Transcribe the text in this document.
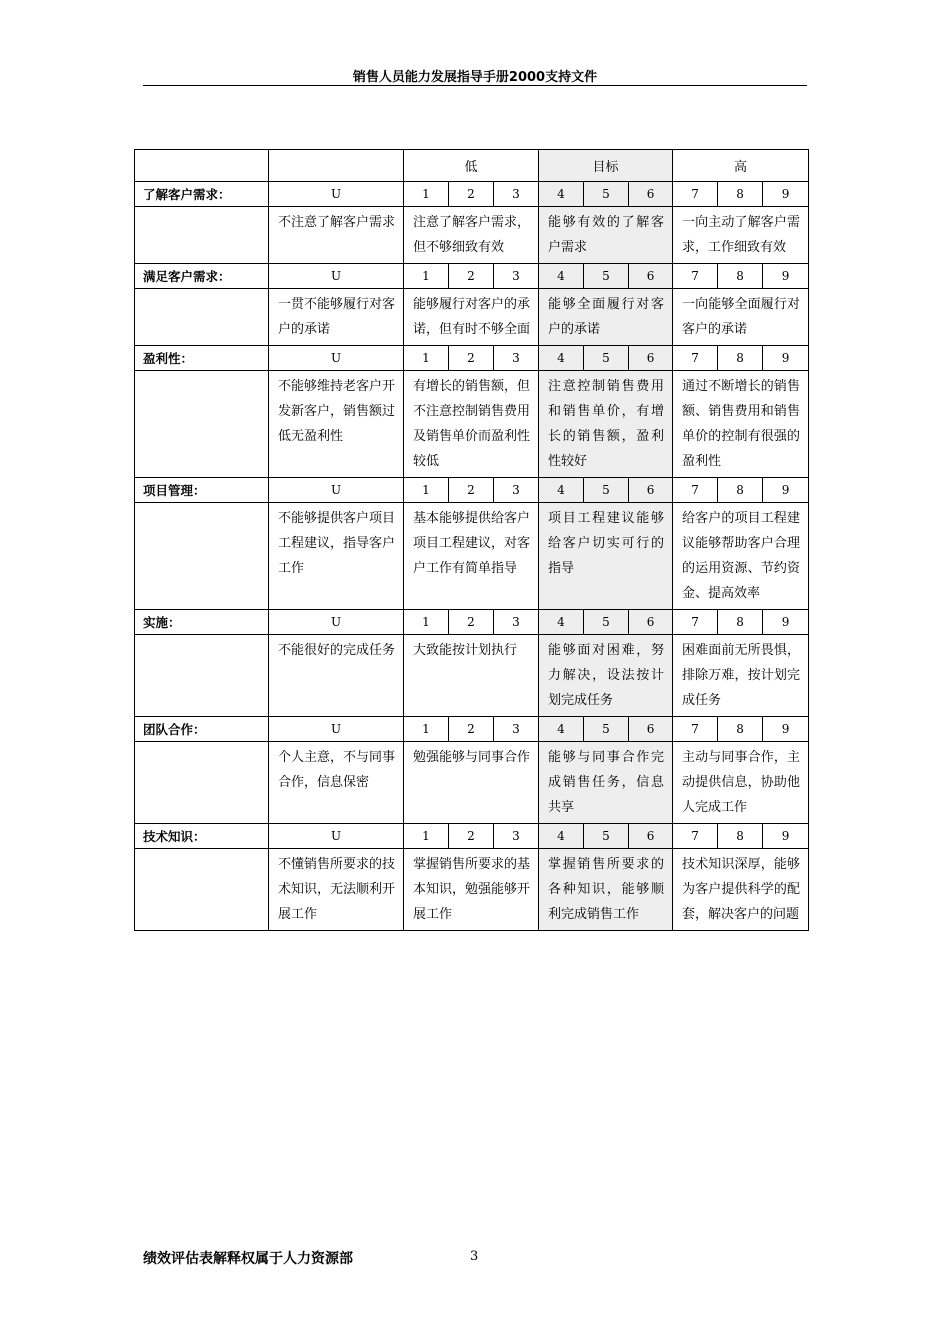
销售人员能力发展指导手册2000支持文件
		低			目标			高		
了解客户需求：	U	1	2	3	4	5	6	7	8	9
	不注意了解客户需求	注意了解客户需求，但不够细致有效			能够有效的了解客户需求			一向主动了解客户需求，工作细致有效		
满足客户需求：	U	1	2	3	4	5	6	7	8	9
	一贯不能够履行对客户的承诺	能够履行对客户的承诺，但有时不够全面			能够全面履行对客户的承诺			一向能够全面履行对客户的承诺		
盈利性：	U	1	2	3	4	5	6	7	8	9
	不能够维持老客户开发新客户，销售额过低无盈利性	有增长的销售额，但不注意控制销售费用及销售单价而盈利性较低			注意控制销售费用和销售单价，有增长的销售额，盈利性较好			通过不断增长的销售额、销售费用和销售单价的控制有很强的盈利性		
项目管理：	U	1	2	3	4	5	6	7	8	9
	不能够提供客户项目工程建议，指导客户工作	基本能够提供给客户项目工程建议，对客户工作有简单指导			项目工程建议能够给客户切实可行的指导			给客户的项目工程建议能够帮助客户合理的运用资源、节约资金、提高效率		
实施：	U	1	2	3	4	5	6	7	8	9
	不能很好的完成任务	大致能按计划执行			能够面对困难，努力解决，设法按计划完成任务			困难面前无所畏惧，排除万难，按计划完成任务		
团队合作：	U	1	2	3	4	5	6	7	8	9
	个人主意，不与同事合作，信息保密	勉强能够与同事合作			能够与同事合作完成销售任务，信息共享			主动与同事合作，主动提供信息，协助他人完成工作		
技术知识：	U	1	2	3	4	5	6	7	8	9
	不懂销售所要求的技术知识，无法顺利开展工作	掌握销售所要求的基本知识，勉强能够开展工作			掌握销售所要求的各种知识，能够顺利完成销售工作			技术知识深厚，能够为客户提供科学的配套，解决客户的问题		
绩效评估表解释权属于人力资源部	3
